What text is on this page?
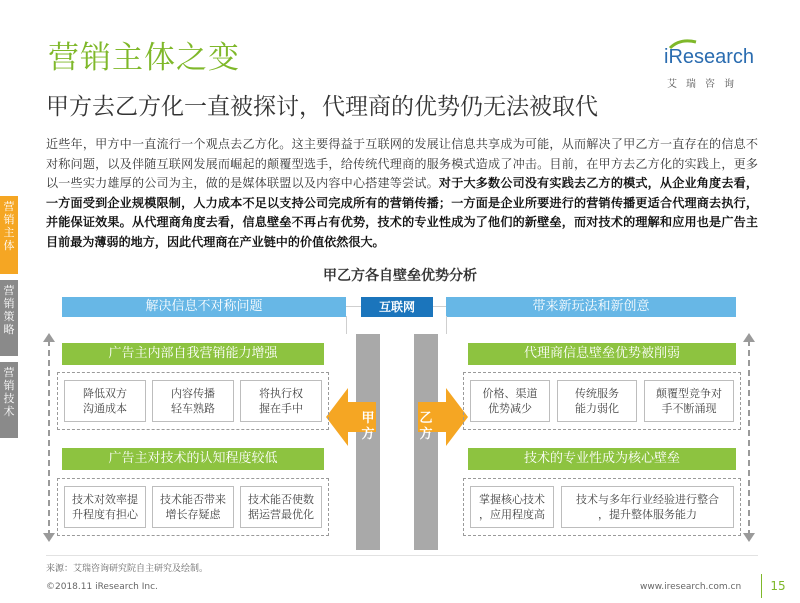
营销主体之变
甲方去乙方化一直被探讨，代理商的优势仍无法被取代
iResearch
艾瑞咨询
营销主体
营销策略
营销技术
近些年，甲方中一直流行一个观点去乙方化。这主要得益于互联网的发展让信息共享成为可能，从而解决了甲乙方一直存在的信息不对称问题，以及伴随互联网发展而崛起的颠覆型选手，给传统代理商的服务模式造成了冲击。目前，在甲方去乙方化的实践上，更多以一些实力雄厚的公司为主，做的是媒体联盟以及内容中心搭建等尝试。对于大多数公司没有实践去乙方的模式，从企业角度去看，一方面受到企业规模限制，人力成本不足以支持公司完成所有的营销传播；一方面是企业所要进行的营销传播更适合代理商去执行，并能保证效果。从代理商角度去看，信息壁垒不再占有优势，技术的专业性成为了他们的新壁垒，而对技术的理解和应用也是广告主目前最为薄弱的地方，因此代理商在产业链中的价值依然很大。
甲乙方各自壁垒优势分析
解决信息不对称问题	带来新玩法和新创意
互联网
甲
方
乙
方
广告主内部自我营销能力增强
降低双方
沟通成本
内容传播
轻车熟路
将执行权
握在手中
广告主对技术的认知程度较低
技术对效率提
升程度有担心
技术能否带来
增长存疑虑
技术能否使数
据运营最优化
代理商信息壁垒优势被削弱
价格、渠道
优势减少
传统服务
能力弱化
颠覆型竞争对
手不断涌现
技术的专业性成为核心壁垒
掌握核心技术
，应用程度高
技术与多年行业经验进行整合
，提升整体服务能力
来源：艾瑞咨询研究院自主研究及绘制。
©2018.11 iResearch Inc.	www.iresearch.com.cn	15
